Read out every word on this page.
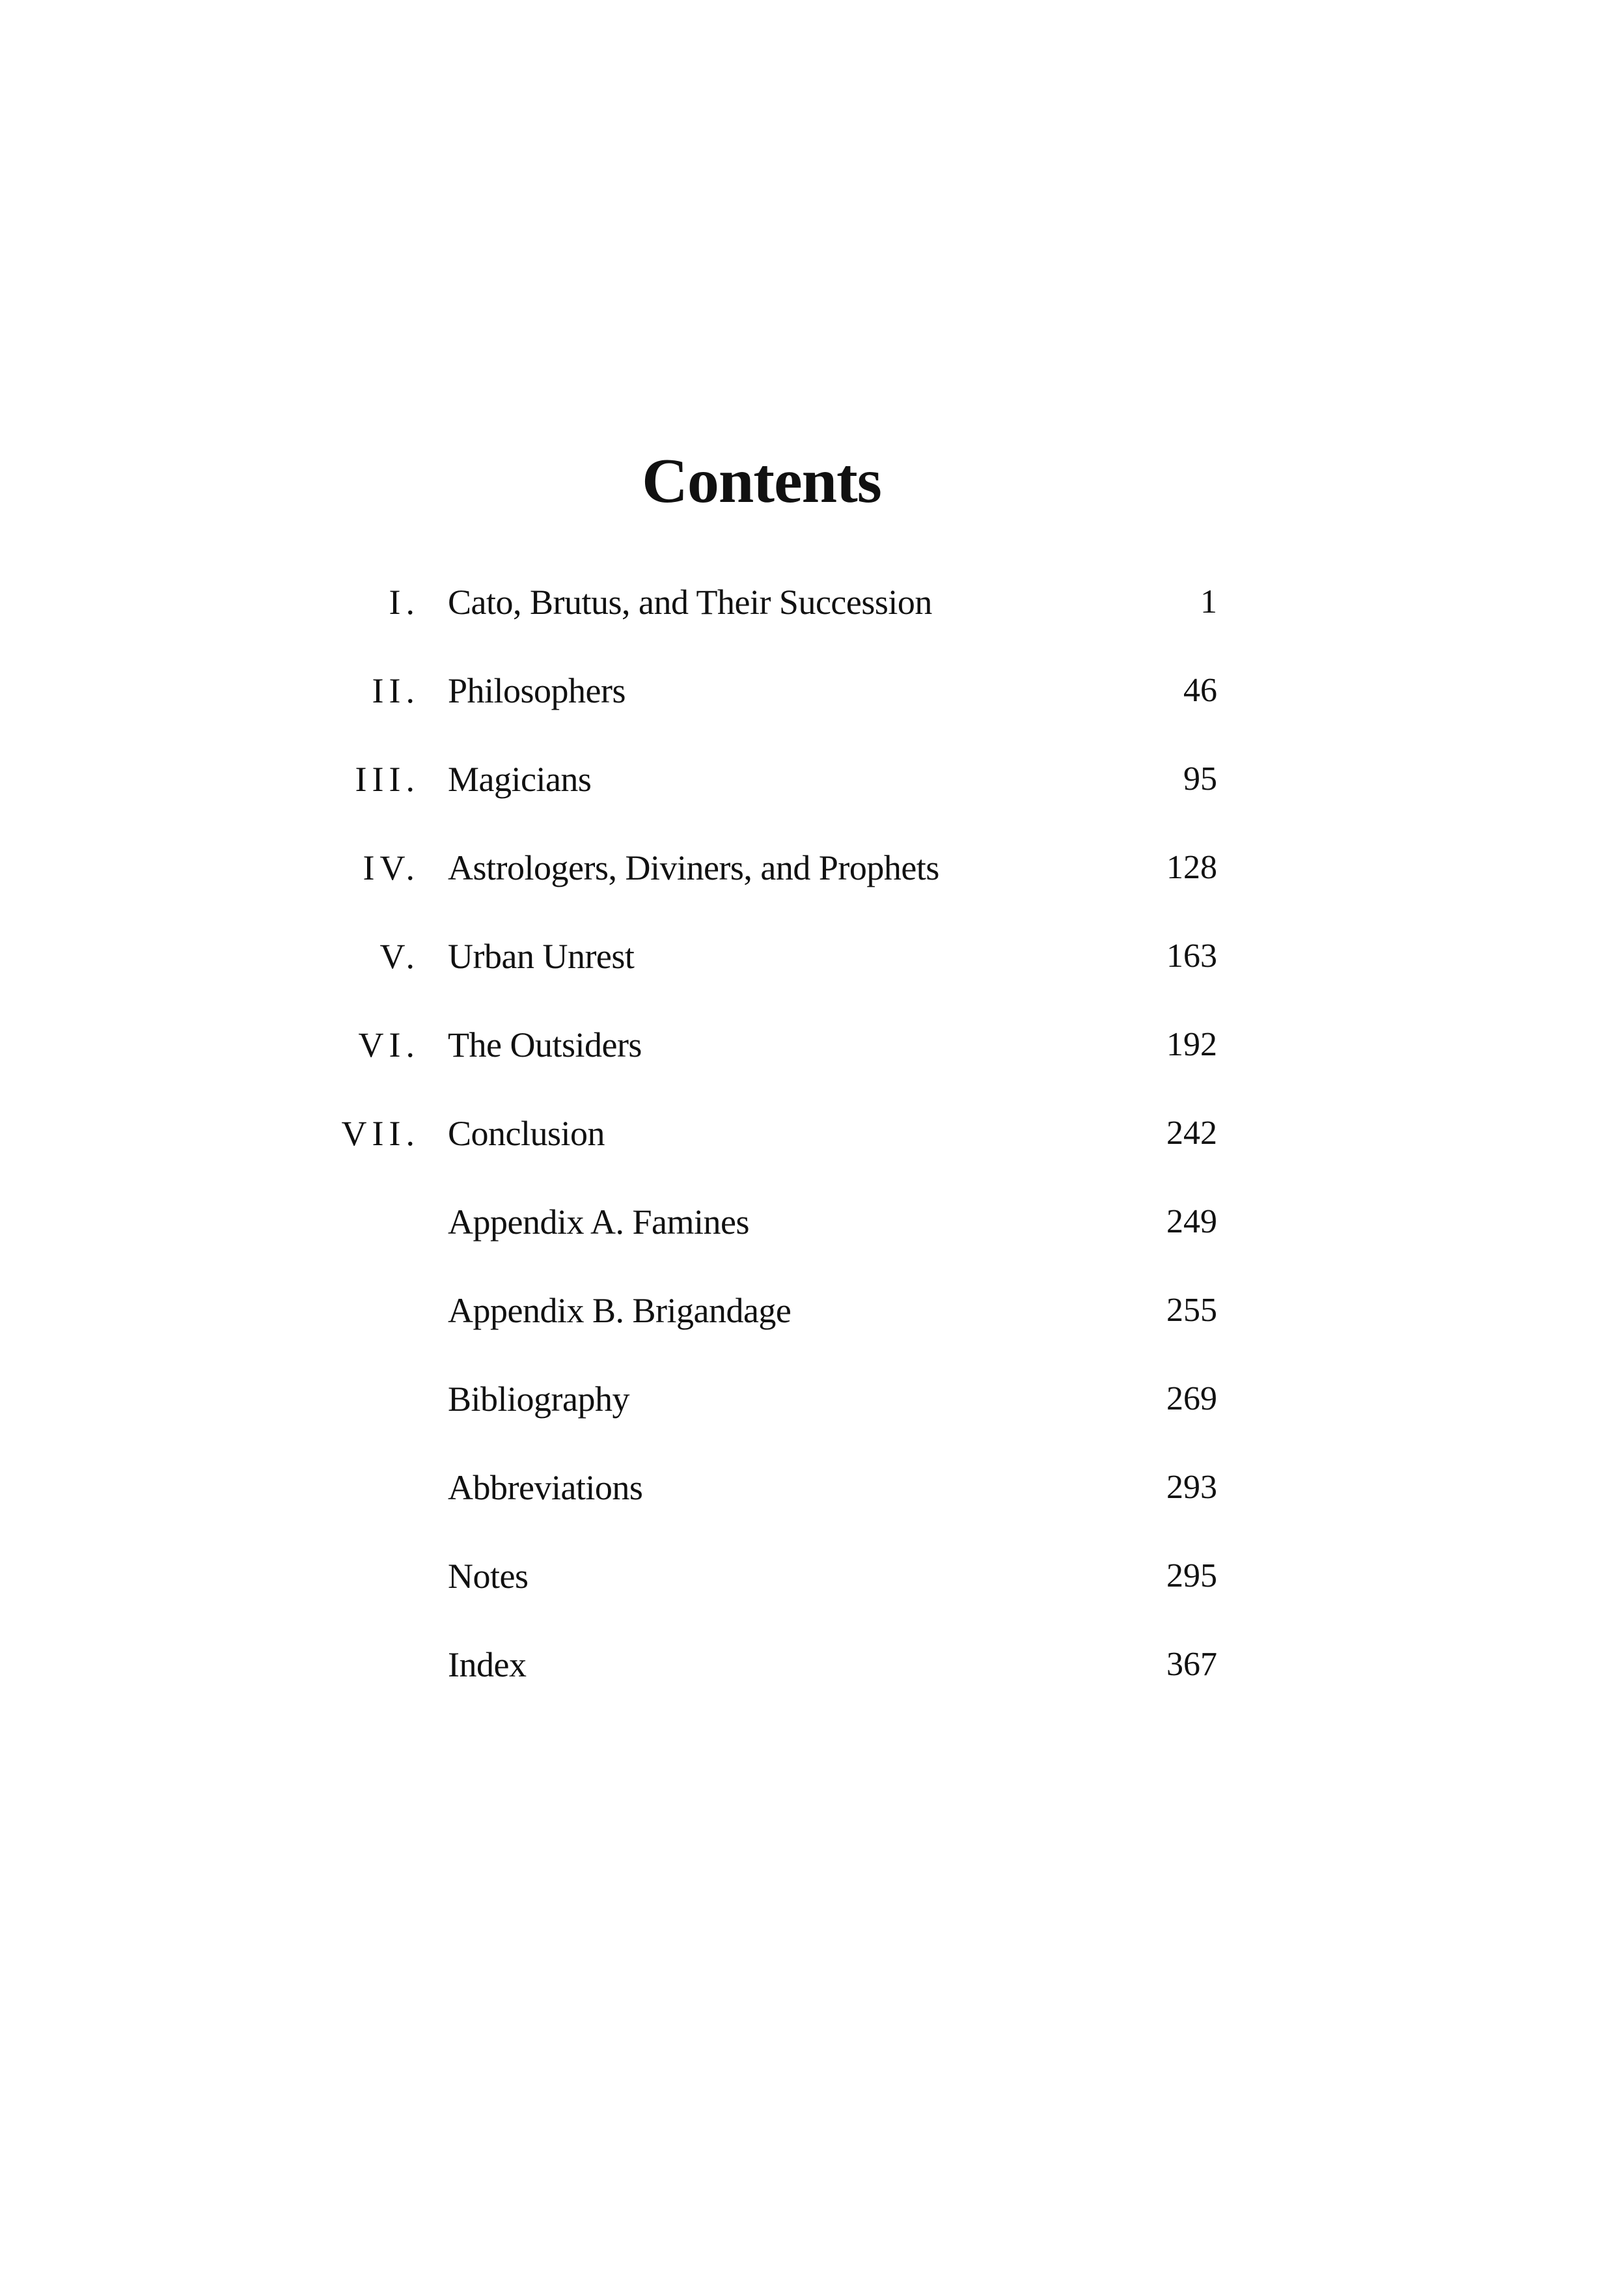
Contents
I. Cato, Brutus, and Their Succession	1
II. Philosophers	46
III. Magicians	95
IV. Astrologers, Diviners, and Prophets	128
V. Urban Unrest	163
VI. The Outsiders	192
VII. Conclusion	242
Appendix A. Famines	249
Appendix B. Brigandage	255
Bibliography	269
Abbreviations	293
Notes	295
Index	367
